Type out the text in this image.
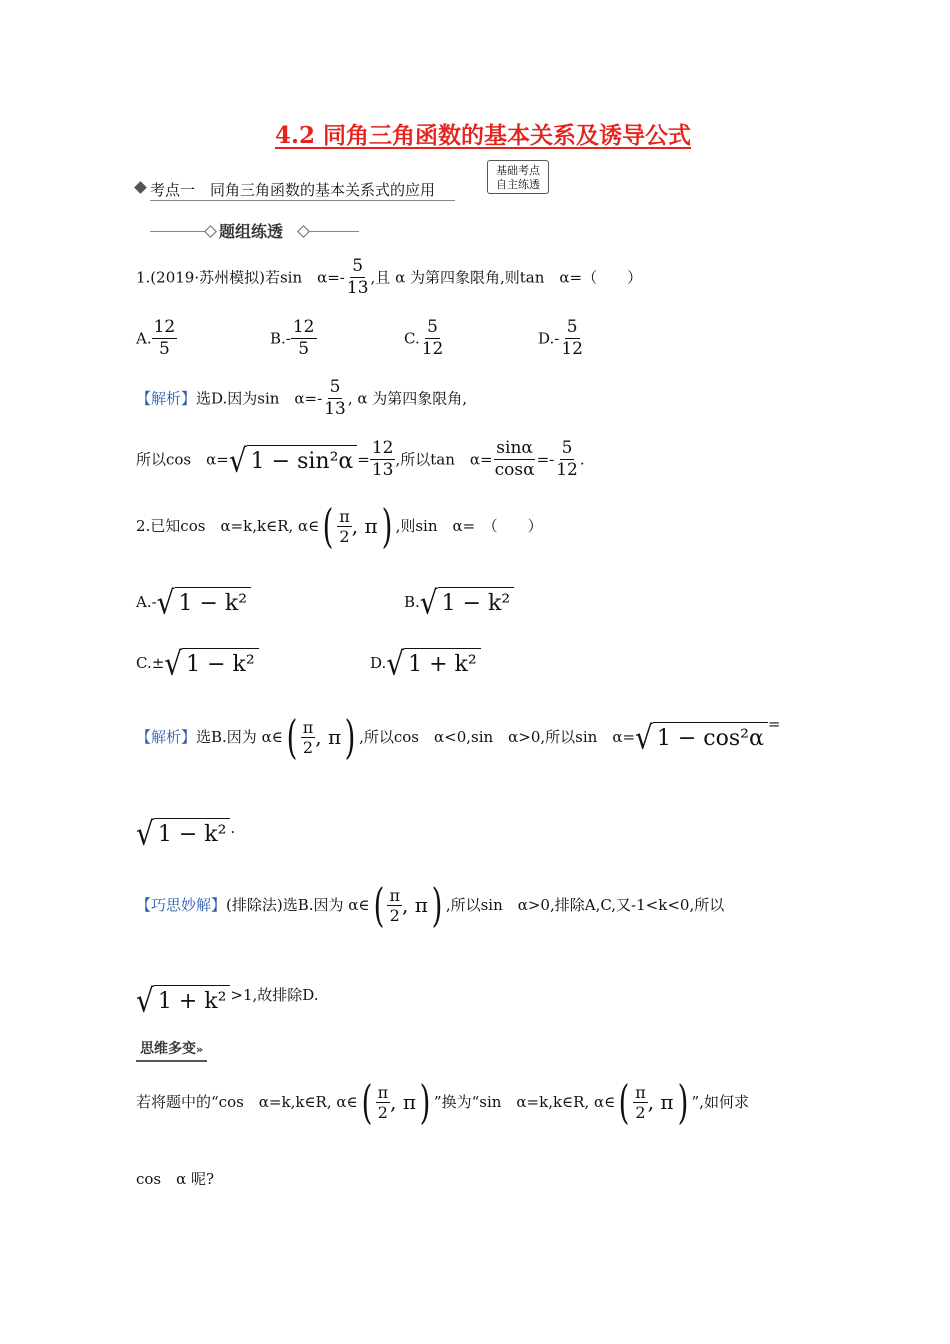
4.2 同角三角函数的基本关系及诱导公式
考点一　同角三角函数的基本关系式的应用
基础考点
自主练透
题组练透
1.(2019·苏州模拟)若sin　$\alpha=- \frac{5}{13}$ ,且 α 为第四象限角,则tan　α=（　　）
A. $\frac{12}{5}$	$B.- \frac{12}{5}$	C. $\frac{5}{12}$	$D.- \frac{5}{12}$
【解析】选D.因为sin　$\alpha=- \frac{5}{13}$ , α 为第四象限角,
所以cos　α= √ $1 - \sin^2\alpha = \frac{12}{13}$ ,所以tan　$\alpha= \frac{\sin\alpha}{\cos\alpha} =- \frac{5}{12}$ .
2.已知cos　α=k,k∈R, α∈ ( $\frac{\pi}{2}$ , π ) ,则sin　α=　（　　）
A.- √ 1 − k²	B. √ 1 − k²
C.± √ 1 − k²	D. √ 1 + k²
【解析】选B.因为 α∈ ( $\frac{\pi}{2}$ , π ) ,所以cos　α<0,sin　α>0,所以sin　α= √ 1 − cos²α
=
√ 1 − k² .
【巧思妙解】(排除法)选B.因为 α∈ ( $\frac{\pi}{2}$ , π ) ,所以sin　α>0,排除A,C,又-1<k<0,所以
√ 1 + k² >1,故排除D.
思维多变»
若将题中的“cos　α=k,k∈R, α∈ ( $\frac{\pi}{2}$ , π ) ”换为“sin　α=k,k∈R, α∈ ( $\frac{\pi}{2}$ , π ) ”,如何求
cos　α 呢?
